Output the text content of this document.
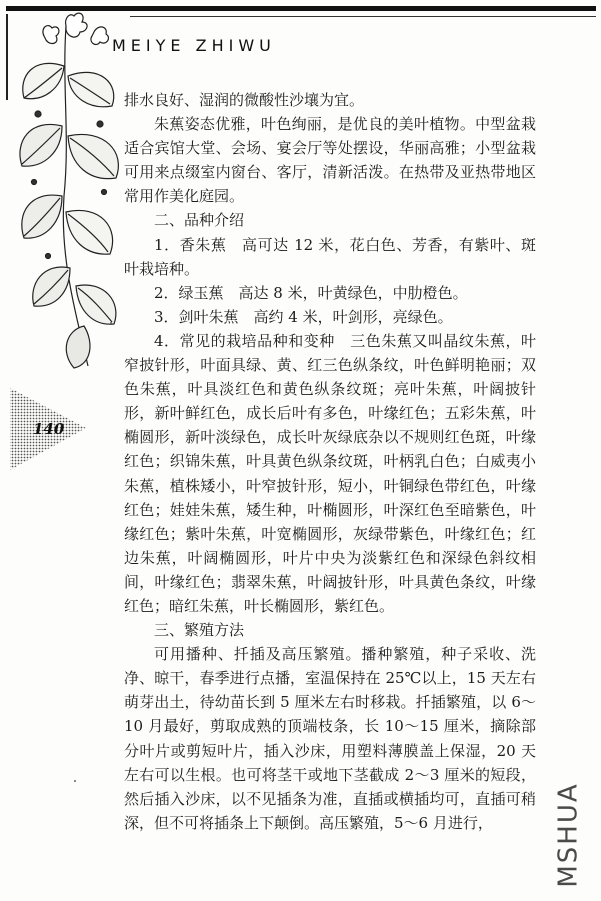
140
MEIYE ZHIWU

排水良好、湿润的微酸性沙壤为宜。

朱蕉姿态优雅，叶色绚丽，是优良的美叶植物。中型盆栽适合宾馆大堂、会场、宴会厅等处摆设，华丽高雅；小型盆栽可用来点缀室内窗台、客厅，清新活泼。在热带及亚热带地区常用作美化庭园。

二、品种介绍

1．香朱蕉　高可达 12 米，花白色、芳香，有紫叶、斑叶栽培种。

2．绿玉蕉　高达 8 米，叶黄绿色，中肋橙色。

3．剑叶朱蕉　高约 4 米，叶剑形，亮绿色。

4．常见的栽培品种和变种　三色朱蕉又叫晶纹朱蕉，叶窄披针形，叶面具绿、黄、红三色纵条纹，叶色鲜明艳丽；双色朱蕉，叶具淡红色和黄色纵条纹斑；亮叶朱蕉，叶阔披针形，新叶鲜红色，成长后叶有多色，叶缘红色；五彩朱蕉，叶椭圆形，新叶淡绿色，成长叶灰绿底杂以不规则红色斑，叶缘红色；织锦朱蕉，叶具黄色纵条纹斑，叶柄乳白色；白威夷小朱蕉，植株矮小，叶窄披针形，短小，叶铜绿色带红色，叶缘红色；娃娃朱蕉，矮生种，叶椭圆形，叶深红色至暗紫色，叶缘红色；紫叶朱蕉，叶宽椭圆形，灰绿带紫色，叶缘红色；红边朱蕉，叶阔椭圆形，叶片中央为淡紫红色和深绿色斜纹相间，叶缘红色；翡翠朱蕉，叶阔披针形，叶具黄色条纹，叶缘红色；暗红朱蕉，叶长椭圆形，紫红色。

三、繁殖方法

可用播种、扦插及高压繁殖。播种繁殖，种子采收、洗净、晾干，春季进行点播，室温保持在 25℃以上，15 天左右萌芽出土，待幼苗长到 5 厘米左右时移栽。扦插繁殖，以 6～10 月最好，剪取成熟的顶端枝条，长 10～15 厘米，摘除部分叶片或剪短叶片，插入沙床，用塑料薄膜盖上保湿，20 天左右可以生根。也可将茎干或地下茎截成 2～3 厘米的短段，然后插入沙床，以不见插条为准，直插或横插均可，直插可稍深，但不可将插条上下颠倒。高压繁殖，5～6 月进行，	MSHUA
